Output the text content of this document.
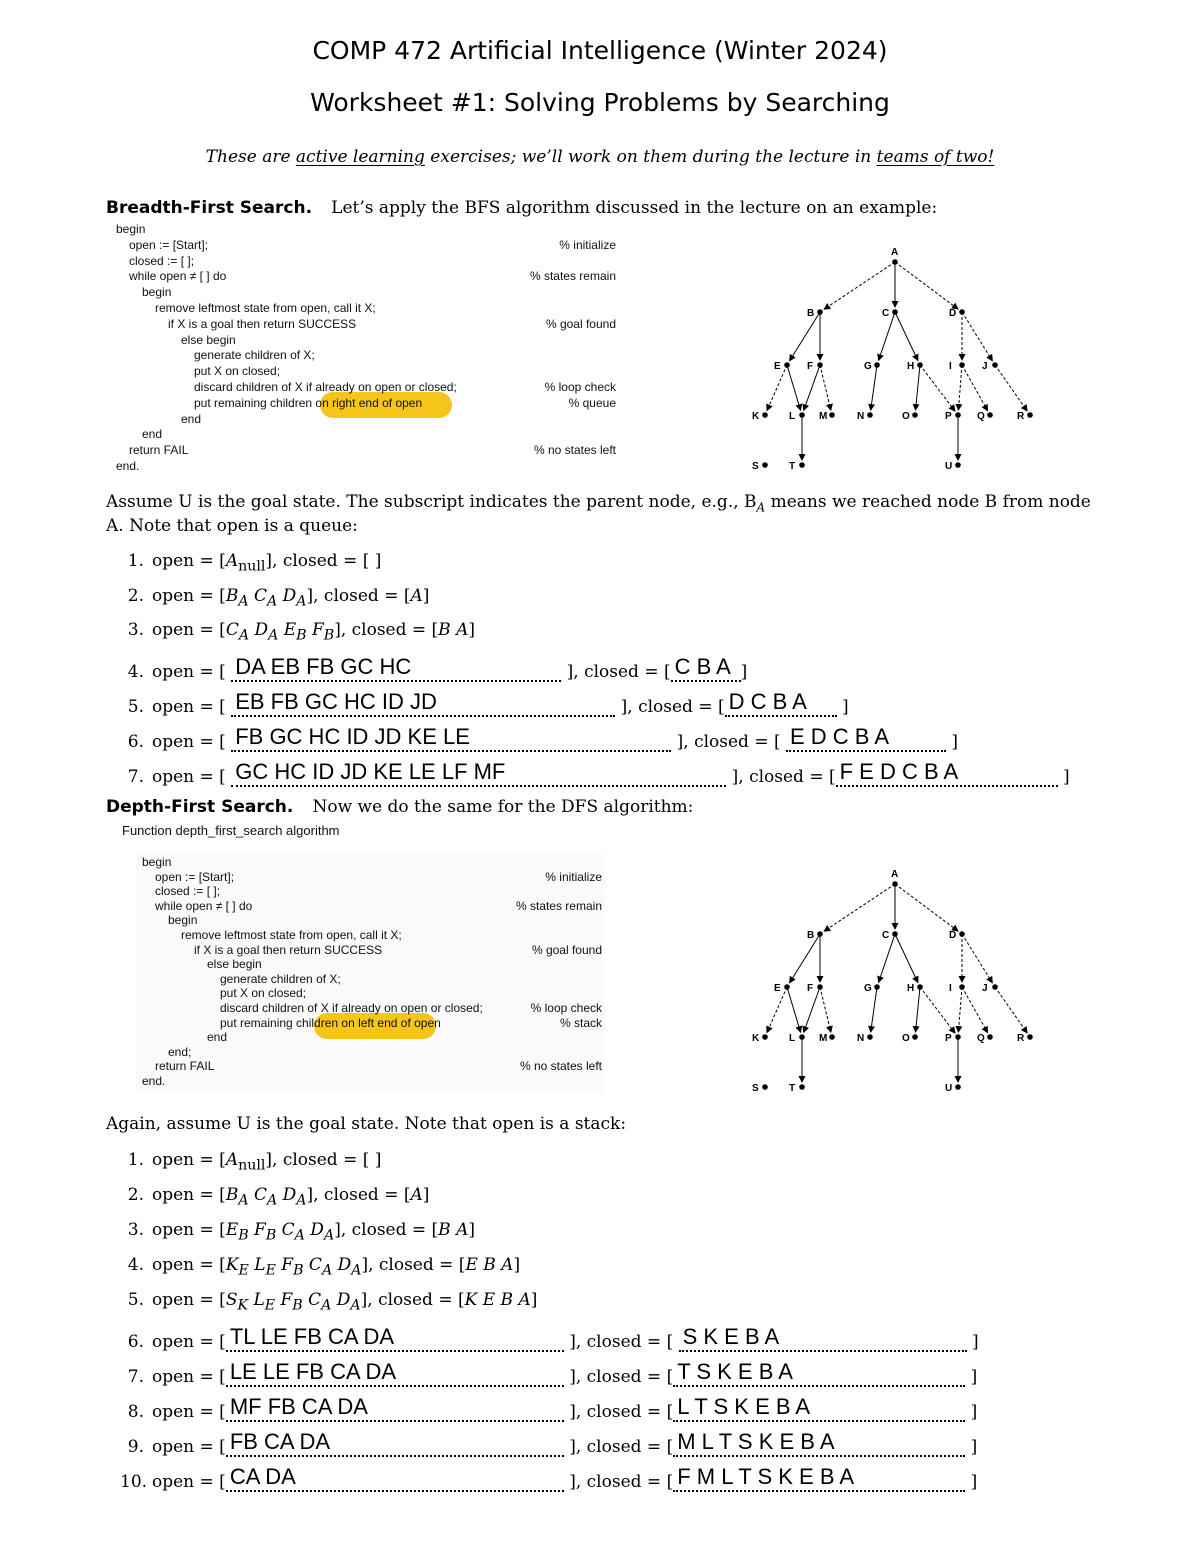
COMP 472 Artificial Intelligence (Winter 2024)
Worksheet #1: Solving Problems by Searching
These are active learning exercises; we’ll work on them during the lecture in teams of two!
Breadth-First Search. Let’s apply the BFS algorithm discussed in the lecture on an example:
begin
open := [Start];	% initialize
closed := [ ];
while open ≠ [ ] do	% states remain
begin
remove leftmost state from open, call it X;
if X is a goal then return SUCCESS	% goal found
else begin
generate children of X;
put X on closed;
discard children of X if already on open or closed;	% loop check
put remaining children on right end of open	% queue
end
end
return FAIL	% no states left
end.
A
B	C	D
E	F	G	H	I	J
K	L M	N	O	P	Q	R
S	T	U
Assume U is the goal state. The subscript indicates the parent node, e.g., $B_A$ means we reached node B from node
A. Note that open is a queue:
1. open = $[A_{null}]$, closed = [ ]
2. open = [$B_A$ $C_A$ $D_A$], closed = [A]
3. open = [$C_A$ $D_A$ $E_B$ $F_B$], closed = [B A]
4. open = [ DA EB FB GC HC	], closed = [ C B A ]
5. open = [ EB FB GC HC ID JD	], closed = [ D C B A ]
6. open = [ FB GC HC ID JD KE LE	], closed = [ E D C B A	]
7. open = [ GC HC ID JD KE LE LF MF	], closed = [ F E D C B A	]
Depth-First Search. Now we do the same for the DFS algorithm:
Function depth_first_search algorithm
begin
open := [Start];	% initialize
closed := [ ];
while open ≠ [ ] do	% states remain
begin
remove leftmost state from open, call it X;
if X is a goal then return SUCCESS	% goal found
else begin
generate children of X;
put X on closed;
discard children of X if already on open or closed;	% loop check
put remaining children on left end of open	% stack
end
end;
return FAIL	% no states left
end.
A
B	C	D
E	F	G	H	I	J
K	L M	N	O	P	Q	R
S	T	U
Again, assume U is the goal state. Note that open is a stack:
1. open = $[A_{null}]$, closed = [ ]
2. open = [$B_A$ $C_A$ $D_A$], closed = [A]
3. open = [$E_B$ $F_B$ $C_A$ $D_A$], closed = [B A]
4. open = [$K_E$ $L_E$ $F_B$ $C_A$ $D_A$], closed = [E B A]
5. open = [$S_K$ $L_E$ $F_B$ $C_A$ $D_A$], closed = [K E B A]
6. open = [ TL LE FB CA DA	], closed = [ S K E B A	]
7. open = [ LE LE FB CA DA	], closed = [ T S K E B A	]
8. open = [ MF FB CA DA	], closed = [ L T S K E B A	]
9. open = [ FB CA DA	], closed = [ M L T S K E B A	]
10. open = [ CA DA	], closed = [ F M L T S K E B A	]
